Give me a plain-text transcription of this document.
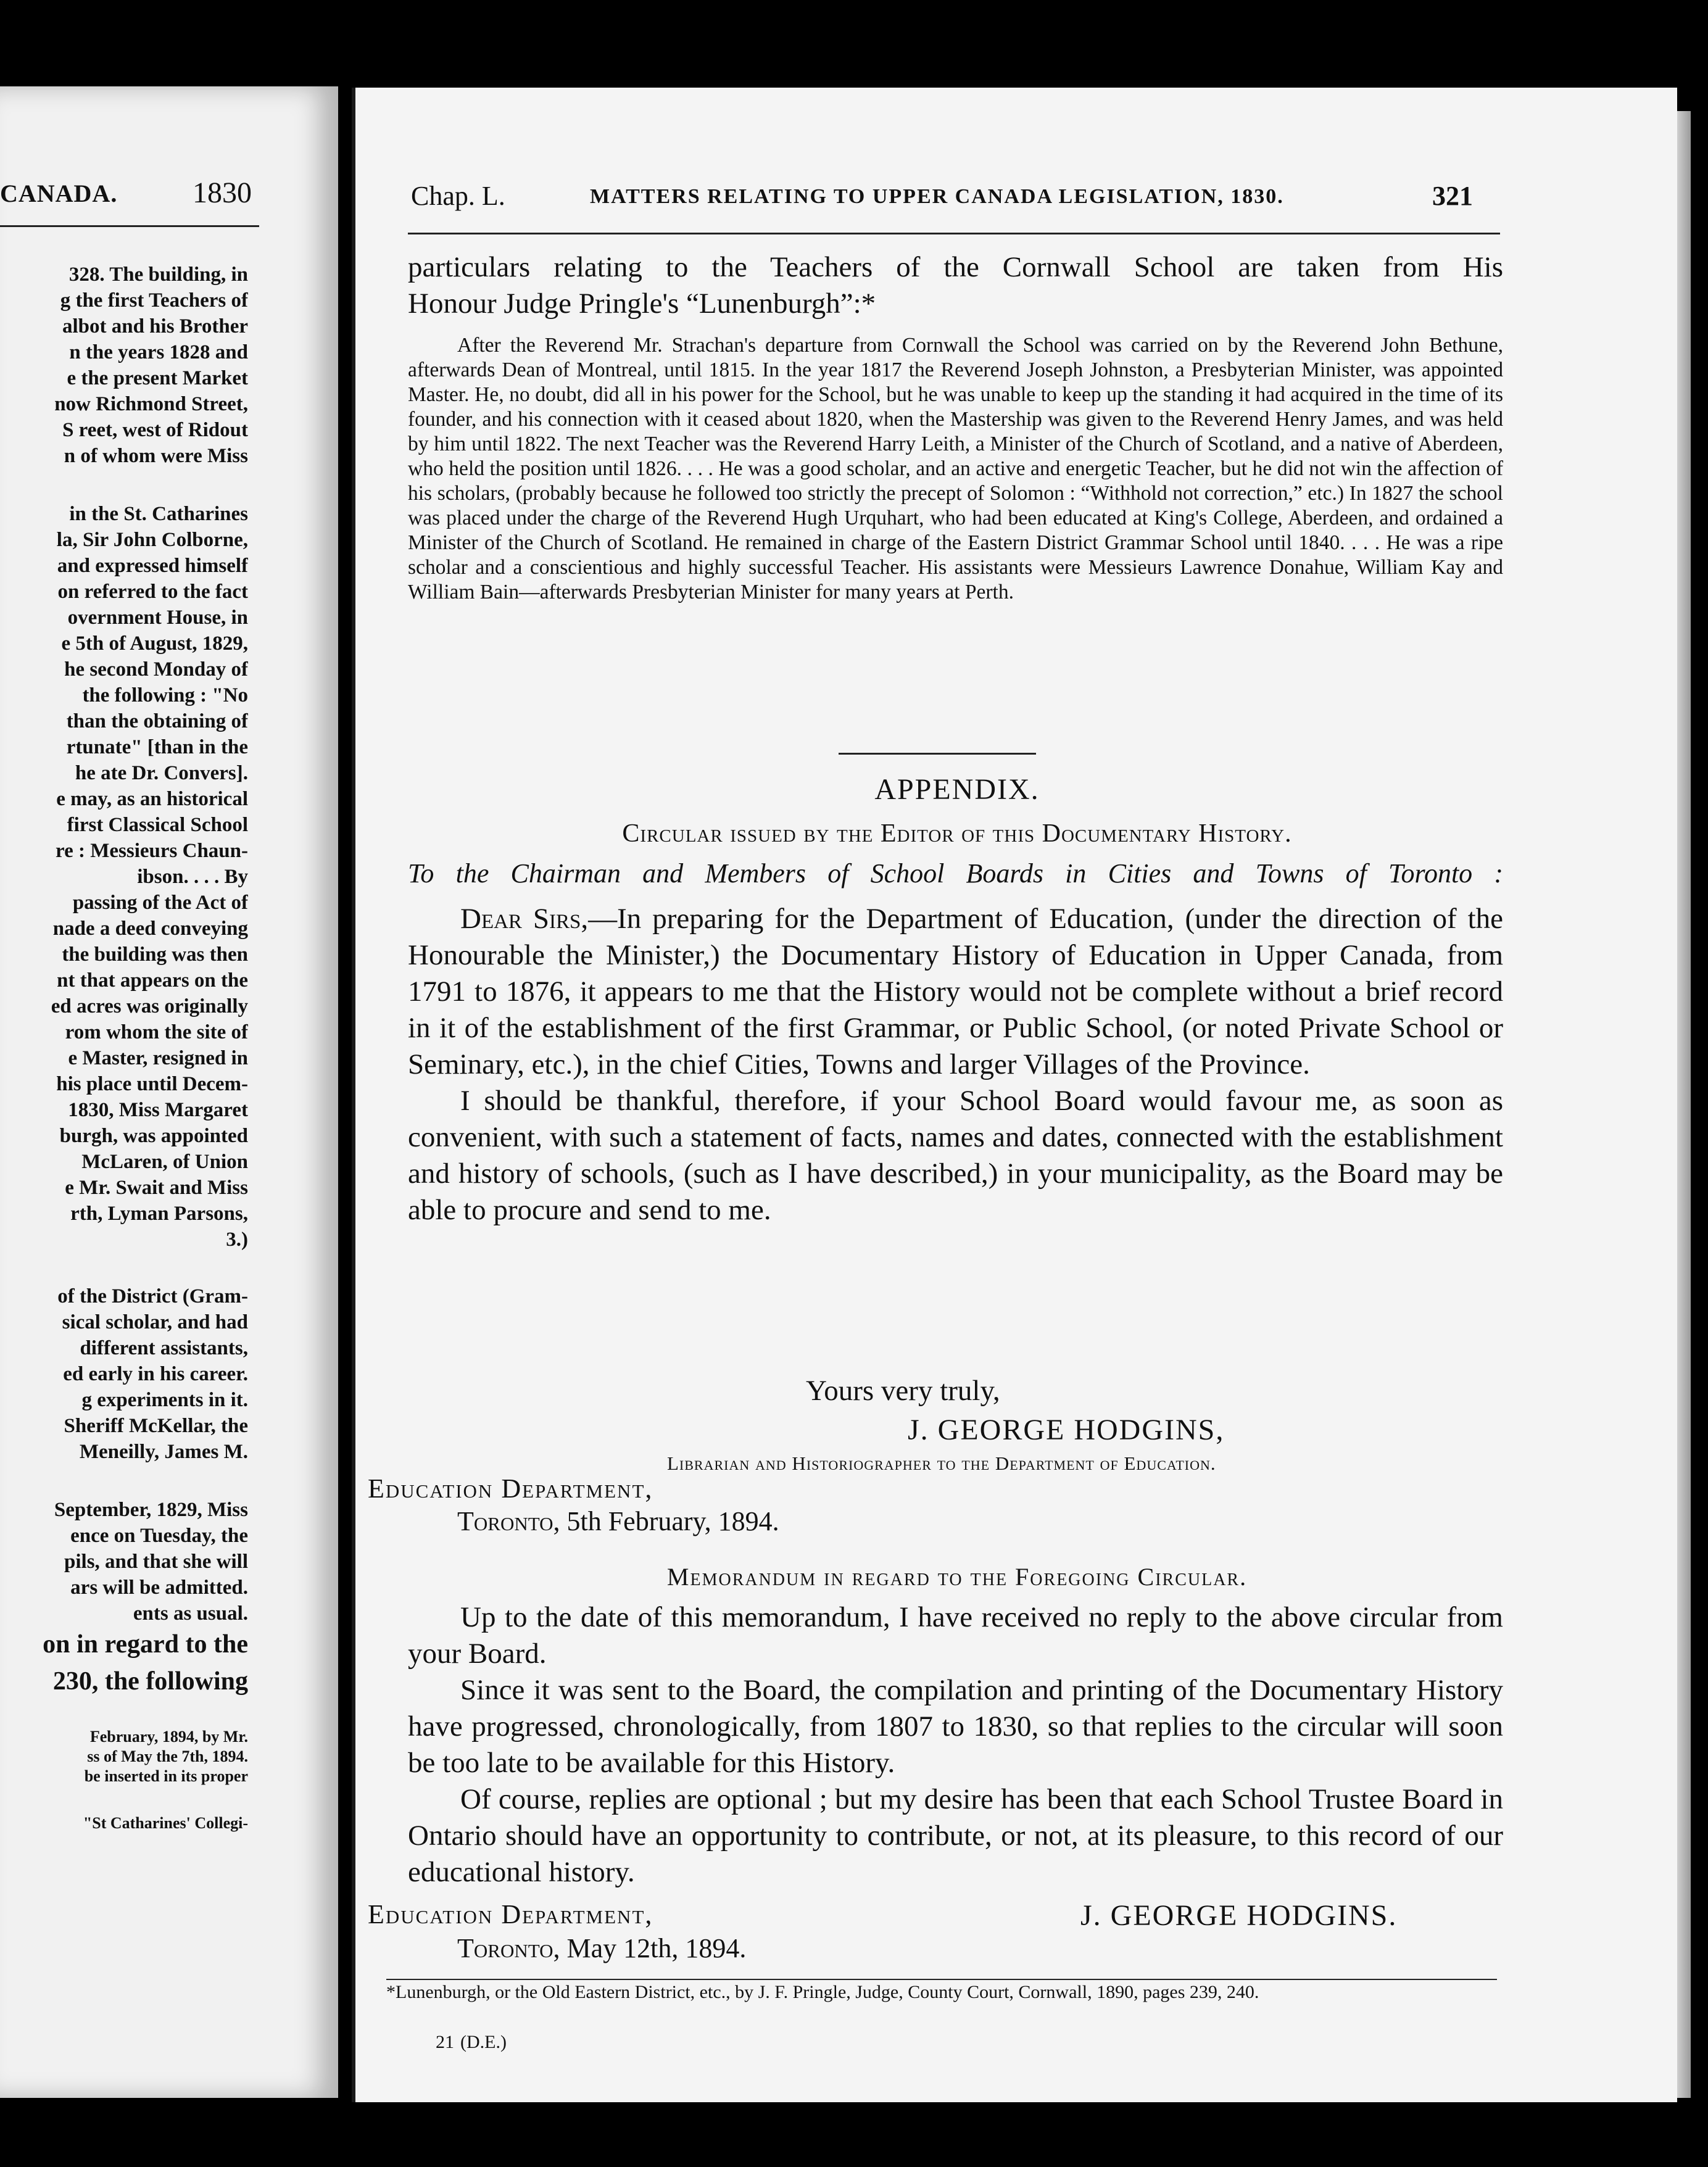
CANADA.	1830
328. The building, in
g the first Teachers of
albot and his Brother
n the years 1828 and
e the present Market
now Richmond Street,
S reet, west of Ridout
n of whom were Miss
in the St. Catharines
la, Sir John Colborne,
and expressed himself
on referred to the fact
overnment House, in
e 5th of August, 1829,
he second Monday of
the following : "No
than the obtaining of
rtunate" [than in the
he ate Dr. Convers].
e may, as an historical
first Classical School
re : Messieurs Chaun-
ibson. . . . By
passing of the Act of
nade a deed conveying
the building was then
nt that appears on the
ed acres was originally
rom whom the site of
e Master, resigned in
his place until Decem-
1830, Miss Margaret
burgh, was appointed
McLaren, of Union
e Mr. Swait and Miss
rth, Lyman Parsons,
3.)
of the District (Gram-
sical scholar, and had
different assistants,
ed early in his career.
g experiments in it.
Sheriff McKellar, the
Meneilly, James M.
September, 1829, Miss
ence on Tuesday, the
pils, and that she will
ars will be admitted.
ents as usual.
on in regard to the
230, the following
February, 1894, by Mr.
ss of May the 7th, 1894.
be inserted in its proper
"St Catharines' Collegi-
Chap. L.	MATTERS RELATING TO UPPER CANADA LEGISLATION, 1830.	321
particulars relating to the Teachers of the Cornwall School are taken from His
Honour Judge Pringle's “Lunenburgh”:*

After the Reverend Mr. Strachan's departure from Cornwall the School was carried on by the Reverend John Bethune, afterwards Dean of Montreal, until 1815. In the year 1817 the Reverend Joseph Johnston, a Presbyterian Minister, was appointed Master. He, no doubt, did all in his power for the School, but he was unable to keep up the standing it had acquired in the time of its founder, and his connection with it ceased about 1820, when the Mastership was given to the Reverend Henry James, and was held by him until 1822. The next Teacher was the Reverend Harry Leith, a Minister of the Church of Scotland, and a native of Aberdeen, who held the position until 1826. . . . He was a good scholar, and an active and energetic Teacher, but he did not win the affection of his scholars, (probably because he followed too strictly the precept of Solomon : “Withhold not correction,” etc.) In 1827 the school was placed under the charge of the Reverend Hugh Urquhart, who had been educated at King's College, Aberdeen, and ordained a Minister of the Church of Scotland. He remained in charge of the Eastern District Grammar School until 1840. . . . He was a ripe scholar and a conscientious and highly successful Teacher. His assistants were Messieurs Lawrence Donahue, William Kay and William Bain—afterwards Presbyterian Minister for many years at Perth.

APPENDIX.
Circular issued by the Editor of this Documentary History.
To the Chairman and Members of School Boards in Cities and Towns of Toronto :

Dear Sirs,—In preparing for the Department of Education, (under the direction of the Honourable the Minister,) the Documentary History of Education in Upper Canada, from 1791 to 1876, it appears to me that the History would not be complete without a brief record in it of the establishment of the first Grammar, or Public School, (or noted Private School or Seminary, etc.), in the chief Cities, Towns and larger Villages of the Province.

I should be thankful, therefore, if your School Board would favour me, as soon as convenient, with such a statement of facts, names and dates, connected with the establishment and history of schools, (such as I have described,) in your municipality, as the Board may be able to procure and send to me.

Yours very truly,
J. GEORGE HODGINS,
Librarian and Historiographer to the Department of Education.
Education Department,
Toronto, 5th February, 1894.
Memorandum in regard to the Foregoing Circular.

Up to the date of this memorandum, I have received no reply to the above circular from your Board.

Since it was sent to the Board, the compilation and printing of the Documentary History have progressed, chronologically, from 1807 to 1830, so that replies to the circular will soon be too late to be available for this History.

Of course, replies are optional ; but my desire has been that each School Trustee Board in Ontario should have an opportunity to contribute, or not, at its pleasure, to this record of our educational history.

Education Department,	J. GEORGE HODGINS.
Toronto, May 12th, 1894.
*Lunenburgh, or the Old Eastern District, etc., by J. F. Pringle, Judge, County Court, Cornwall, 1890, pages 239, 240.
21 (D.E.)
